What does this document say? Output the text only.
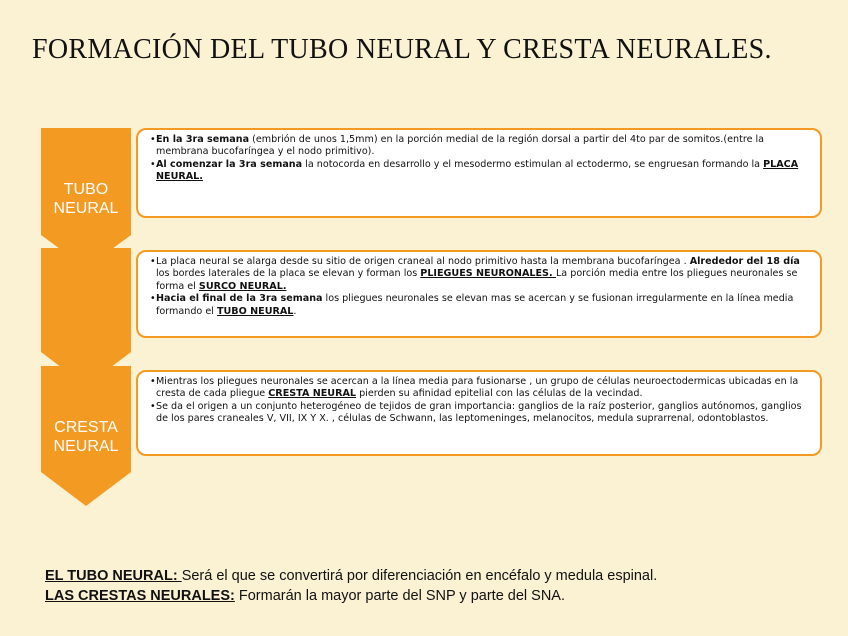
FORMACIÓN DEL TUBO NEURAL Y CRESTA NEURALES.
TUBO
NEURAL
CRESTA
NEURAL

• En la 3ra semana (embrión de unos 1,5mm) en la porción medial de la región dorsal a partir del 4to par de somitos.(entre la membrana bucofaríngea y el nodo primitivo).

• Al comenzar la 3ra semana la notocorda en desarrollo y el mesodermo estimulan al ectodermo, se engruesan formando la PLACA NEURAL.

• La placa neural se alarga desde su sitio de origen craneal al nodo primitivo hasta la membrana bucofaríngea . Alrededor del 18 día los bordes laterales de la placa se elevan y forman los PLIEGUES NEURONALES. La porción media entre los pliegues neuronales se forma el SURCO NEURAL.

• Hacia el final de la 3ra semana los pliegues neuronales se elevan mas se acercan y se fusionan irregularmente en la línea media formando el TUBO NEURAL.

• Mientras los pliegues neuronales se acercan a la línea media para fusionarse , un grupo de células neuroectodermicas ubicadas en la cresta de cada pliegue CRESTA NEURAL pierden su afinidad epitelial con las células de la vecindad.

• Se da el origen a un conjunto heterogéneo de tejidos de gran importancia: ganglios de la raíz posterior, ganglios autónomos, ganglios de los pares craneales V, VII, IX Y X. , células de Schwann, las leptomeninges, melanocitos, medula suprarrenal, odontoblastos.

EL TUBO NEURAL: Será el que se convertirá por diferenciación en encéfalo y medula espinal.
LAS CRESTAS NEURALES: Formarán la mayor parte del SNP y parte del SNA.
